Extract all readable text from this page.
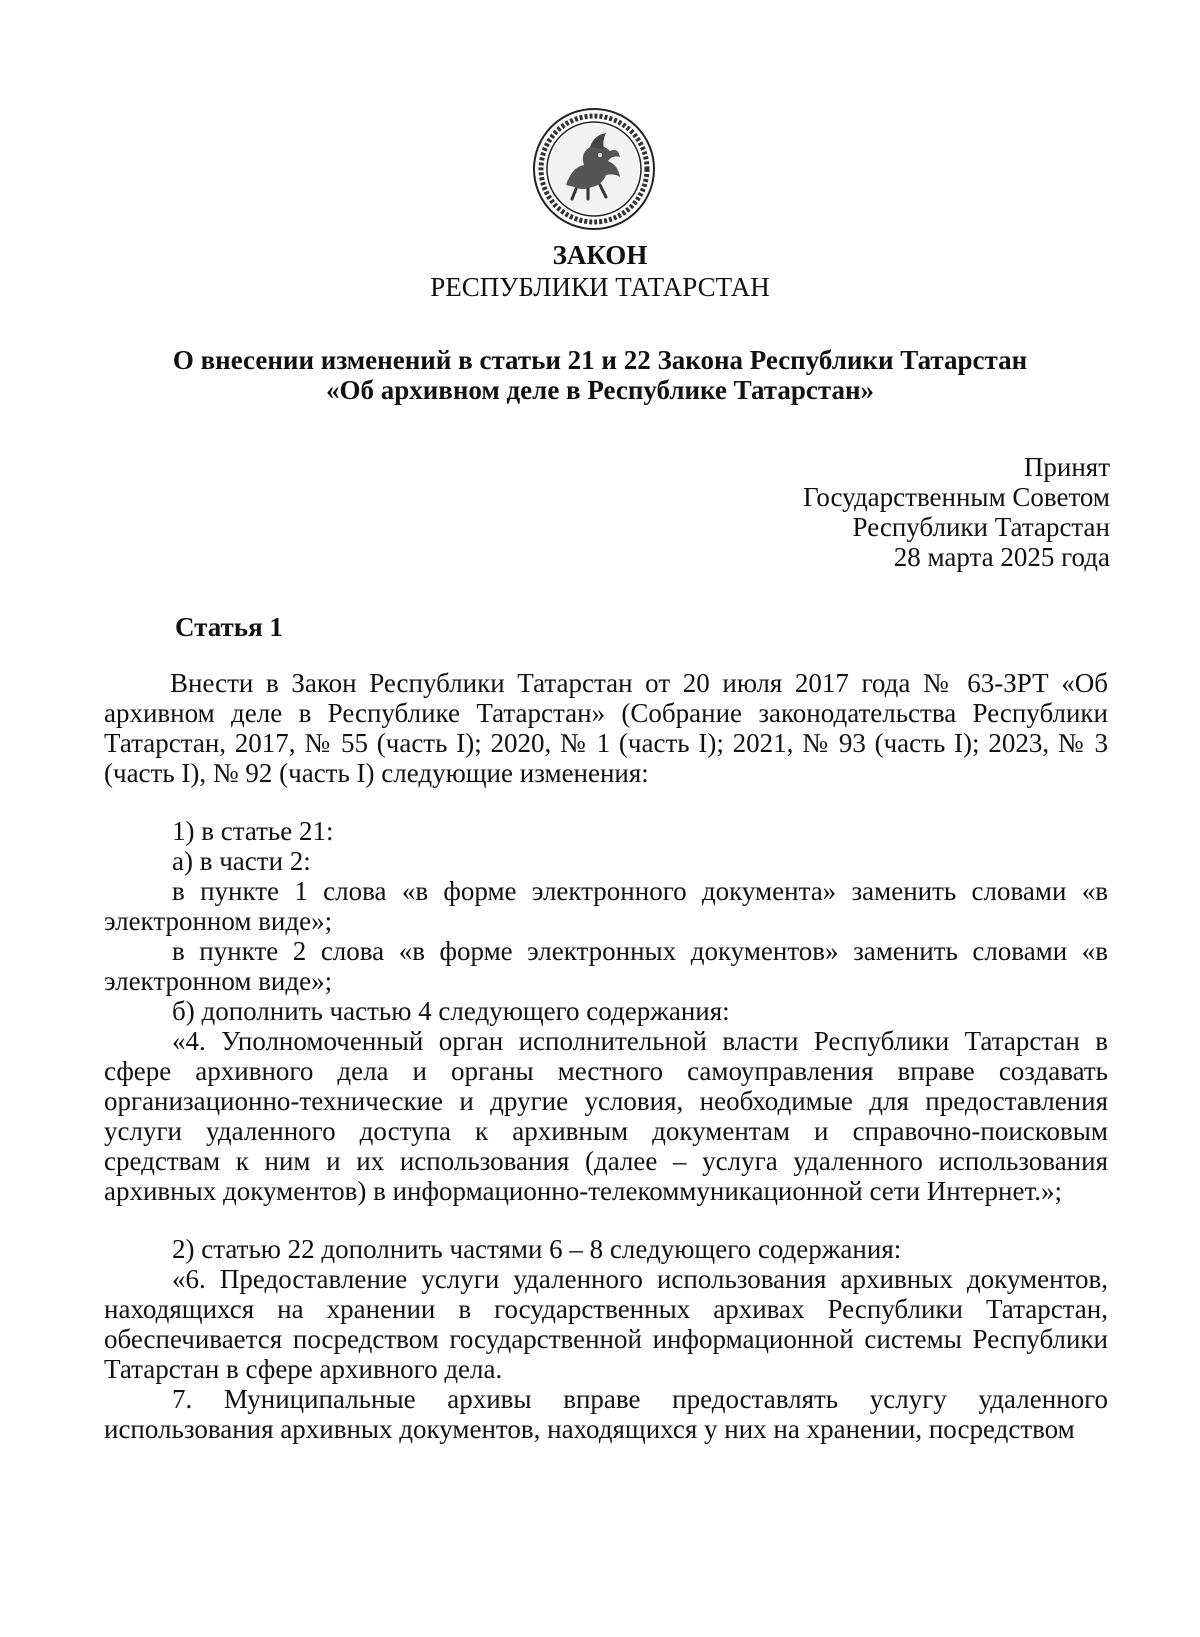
ЗАКОН
РЕСПУБЛИКИ ТАТАРСТАН
О внесении изменений в статьи 21 и 22 Закона Республики Татарстан
«Об архивном деле в Республике Татарстан»
Принят
Государственным Советом
Республики Татарстан
28 марта 2025 года
Статья 1

Внести в Закон Республики Татарстан от 20 июля 2017 года № 63-ЗРТ «Об архивном деле в Республике Татарстан» (Собрание законодательства Республики Татарстан, 2017, № 55 (часть I); 2020, № 1 (часть I); 2021, № 93 (часть I); 2023, № 3 (часть I), № 92 (часть I) следующие изменения:

1) в статье 21:

а) в части 2:

в пункте 1 слова «в форме электронного документа» заменить словами «в электронном виде»;

в пункте 2 слова «в форме электронных документов» заменить словами «в электронном виде»;

б) дополнить частью 4 следующего содержания:

«4. Уполномоченный орган исполнительной власти Республики Татарстан в сфере архивного дела и органы местного самоуправления вправе создавать организационно-технические и другие условия, необходимые для предоставления услуги удаленного доступа к архивным документам и справочно-поисковым средствам к ним и их использования (далее – услуга удаленного использования архивных документов) в информационно-телекоммуникационной сети Интернет.»;

2) статью 22 дополнить частями 6 – 8 следующего содержания:

«6. Предоставление услуги удаленного использования архивных документов, находящихся на хранении в государственных архивах Республики Татарстан, обеспечивается посредством государственной информационной системы Республики Татарстан в сфере архивного дела.

7. Муниципальные архивы вправе предоставлять услугу удаленного использования архивных документов, находящихся у них на хранении, посредством
